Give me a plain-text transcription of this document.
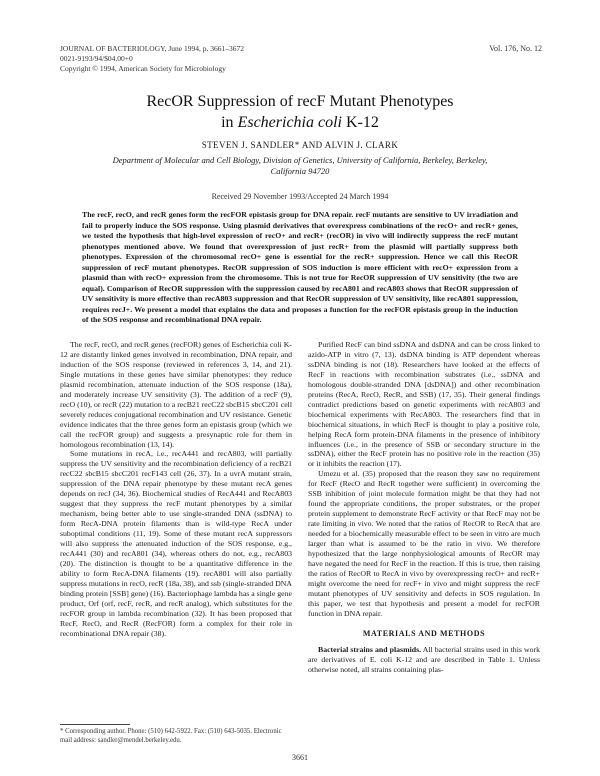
JOURNAL OF BACTERIOLOGY, June 1994, p. 3661–3672
0021-9193/94/$04.00+0
Copyright © 1994, American Society for Microbiology
Vol. 176, No. 12
RecOR Suppression of recF Mutant Phenotypes
in Escherichia coli K-12
STEVEN J. SANDLER* AND ALVIN J. CLARK
Department of Molecular and Cell Biology, Division of Genetics, University of California, Berkeley, Berkeley, California 94720
Received 29 November 1993/Accepted 24 March 1994

The recF, recO, and recR genes form the recFOR epistasis group for DNA repair. recF mutants are sensitive to UV irradiation and fail to properly induce the SOS response. Using plasmid derivatives that overexpress combinations of the recO+ and recR+ genes, we tested the hypothesis that high-level expression of recO+ and recR+ (recOR) in vivo will indirectly suppress the recF mutant phenotypes mentioned above. We found that overexpression of just recR+ from the plasmid will partially suppress both phenotypes. Expression of the chromosomal recO+ gene is essential for the recR+ suppression. Hence we call this RecOR suppression of recF mutant phenotypes. RecOR suppression of SOS induction is more efficient with recO+ expression from a plasmid than with recO+ expression from the chromosome. This is not true for RecOR suppression of UV sensitivity (the two are equal). Comparison of RecOR suppression with the suppression caused by recA801 and recA803 shows that RecOR suppression of UV sensitivity is more effective than recA803 suppression and that RecOR suppression of UV sensitivity, like recA801 suppression, requires recJ+. We present a model that explains the data and proposes a function for the recFOR epistasis group in the induction of the SOS response and recombinational DNA repair.

The recF, recO, and recR genes (recFOR) genes of Escherichia coli K-12 are distantly linked genes involved in recombination, DNA repair, and induction of the SOS response (reviewed in references 3, 14, and 21). Single mutations in these genes have similar phenotypes: they reduce plasmid recombination, attenuate induction of the SOS response (18a), and moderately increase UV sensitivity (3). The addition of a recF (9), recO (10), or recR (22) mutation to a recB21 recC22 sbcB15 sbcC201 cell severely reduces conjugational recombination and UV resistance. Genetic evidence indicates that the three genes form an epistasis group (which we call the recFOR group) and suggests a presynaptic role for them in homologous recombination (13, 14).

Some mutations in recA, i.e., recA441 and recA803, will partially suppress the UV sensitivity and the recombination deficiency of a recB21 recC22 sbcB15 sbcC201 recF143 cell (26, 37). In a uvrA mutant strain, suppression of the DNA repair phenotype by these mutant recA genes depends on recJ (34, 36). Biochemical studies of RecA441 and RecA803 suggest that they suppress the recF mutant phenotypes by a similar mechanism, being better able to use single-stranded DNA (ssDNA) to form RecA-DNA protein filaments than is wild-type RecA under suboptimal conditions (11, 19). Some of these mutant recA suppressors will also suppress the attenuated induction of the SOS response, e.g., recA441 (30) and recA801 (34), whereas others do not, e.g., recA803 (20). The distinction is thought to be a quantitative difference in the ability to form RecA-DNA filaments (19). recA801 will also partially suppress mutations in recO, recR (18a, 38), and ssb (single-stranded DNA binding protein [SSB] gene) (16). Bacteriophage lambda has a single gene product, Orf (orf, recF, recR, and recR analog), which substitutes for the recFOR group in lambda recombination (32). It has been proposed that RecF, RecO, and RecR (RecFOR) form a complex for their role in recombinational DNA repair (38).

Purified RecF can bind ssDNA and dsDNA and can be cross linked to azido-ATP in vitro (7, 13). dsDNA binding is ATP dependent whereas ssDNA binding is not (18). Researchers have looked at the effects of RecF in reactions with recombination substrates (i.e., ssDNA and homologous double-stranded DNA [dsDNA]) and other recombination proteins (RecA, RecO, RecR, and SSB) (17, 35). Their general findings contradict predictions based on genetic experiments with recA803 and biochemical experiments with RecA803. The researchers find that in biochemical situations, in which RecF is thought to play a positive role, helping RecA form protein-DNA filaments in the presence of inhibitory influences (i.e., in the presence of SSB or secondary structure in the ssDNA), either the RecF protein has no positive role in the reaction (35) or it inhibits the reaction (17).

Umezu et al. (35) proposed that the reason they saw no requirement for RecF (RecO and RecR together were sufficient) in overcoming the SSB inhibition of joint molecule formation might be that they had not found the appropriate conditions, the proper substrates, or the proper protein supplement to demonstrate RecF activity or that RecF may not be rate limiting in vivo. We noted that the ratios of RecOR to RecA that are needed for a biochemically measurable effect to be seen in vitro are much larger than what is assumed to be the ratio in vivo. We therefore hypothesized that the large nonphysiological amounts of RecOR may have negated the need for RecF in the reaction. If this is true, then raising the ratios of RecOR to RecA in vivo by overexpressing recO+ and recR+ might overcome the need for recF+ in vivo and might suppress the recF mutant phenotypes of UV sensitivity and defects in SOS regulation. In this paper, we test that hypothesis and present a model for recFOR function in DNA repair.

MATERIALS AND METHODS

Bacterial strains and plasmids. All bacterial strains used in this work are derivatives of E. coli K-12 and are described in Table 1. Unless otherwise noted, all strains containing plas-

* Corresponding author. Phone: (510) 642-5922. Fax: (510) 643-5035. Electronic mail address: sandler@mendel.berkeley.edu.
3661
